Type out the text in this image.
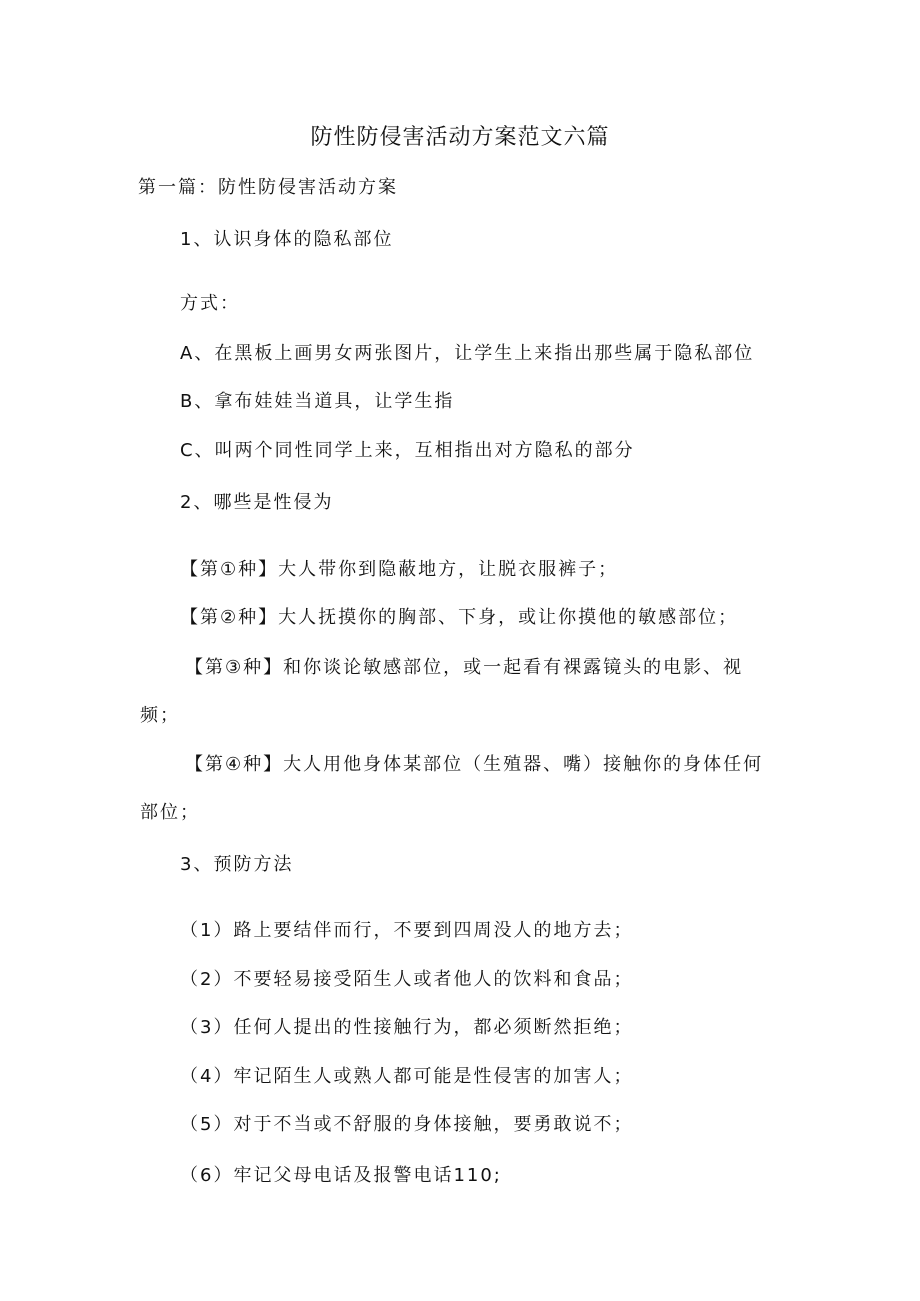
防性防侵害活动方案范文六篇
第一篇：防性防侵害活动方案
1、认识身体的隐私部位
方式：
A、在黑板上画男女两张图片，让学生上来指出那些属于隐私部位
B、拿布娃娃当道具，让学生指
C、叫两个同性同学上来，互相指出对方隐私的部分
2、哪些是性侵为
【第①种】大人带你到隐蔽地方，让脱衣服裤子；
【第②种】大人抚摸你的胸部、下身，或让你摸他的敏感部位；
【第③种】和你谈论敏感部位，或一起看有裸露镜头的电影、视频；
【第④种】大人用他身体某部位（生殖器、嘴）接触你的身体任何部位；
3、预防方法
（1）路上要结伴而行，不要到四周没人的地方去；
（2）不要轻易接受陌生人或者他人的饮料和食品；
（3）任何人提出的性接触行为，都必须断然拒绝；
（4）牢记陌生人或熟人都可能是性侵害的加害人；
（5）对于不当或不舒服的身体接触，要勇敢说不；
（6）牢记父母电话及报警电话110;
